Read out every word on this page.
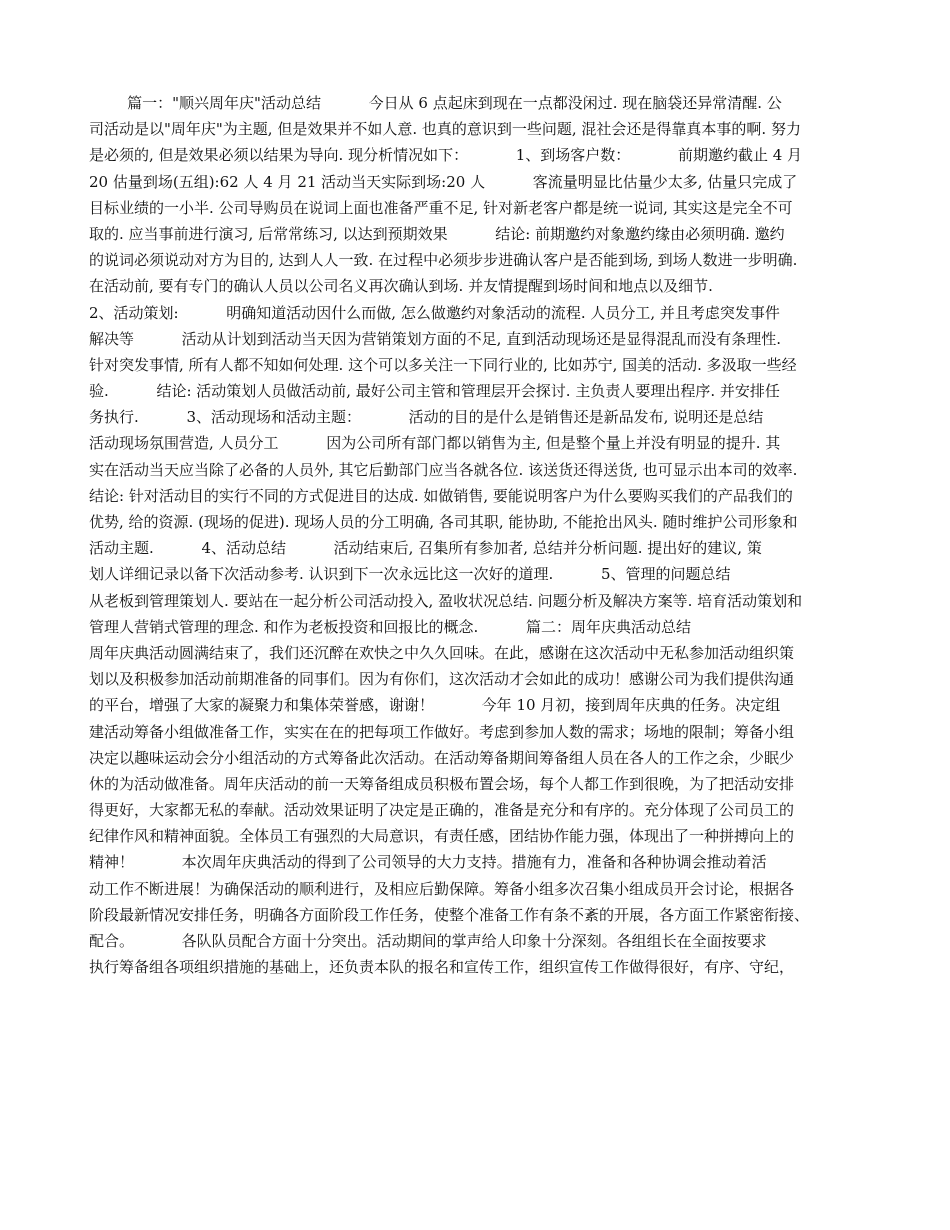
篇一："顺兴周年庆"活动总结          今日从 6 点起床到现在一点都没闲过. 现在脑袋还异常清醒. 公
司活动是以"周年庆"为主题, 但是效果并不如人意. 也真的意识到一些问题, 混社会还是得靠真本事的啊. 努力
是必须的, 但是效果必须以结果为导向. 现分析情况如下：          1、到场客户数：          前期邀约截止 4 月
20 估量到场(五组):62 人 4 月 21 活动当天实际到场:20 人          客流量明显比估量少太多, 估量只完成了
目标业绩的一小半. 公司导购员在说词上面也准备严重不足, 针对新老客户都是统一说词, 其实这是完全不可
取的. 应当事前进行演习, 后常常练习, 以达到预期效果          结论: 前期邀约对象邀约缘由必须明确. 邀约
的说词必须说动对方为目的, 达到人人一致. 在过程中必须步步进确认客户是否能到场, 到场人数进一步明确.
在活动前, 要有专门的确认人员以公司名义再次确认到场. 并友情提醒到场时间和地点以及细节.
2、活动策划:          明确知道活动因什么而做, 怎么做邀约对象活动的流程. 人员分工, 并且考虑突发事件
解决等          活动从计划到活动当天因为营销策划方面的不足, 直到活动现场还是显得混乱而没有条理性.
针对突发事情, 所有人都不知如何处理. 这个可以多关注一下同行业的, 比如苏宁, 国美的活动. 多汲取一些经
验.          结论: 活动策划人员做活动前, 最好公司主管和管理层开会探讨. 主负责人要理出程序. 并安排任
务执行.          3、活动现场和活动主题：          活动的目的是什么是销售还是新品发布, 说明还是总结
活动现场氛围营造, 人员分工          因为公司所有部门都以销售为主, 但是整个量上并没有明显的提升. 其
实在活动当天应当除了必备的人员外, 其它后勤部门应当各就各位. 该送货还得送货, 也可显示出本司的效率.
结论: 针对活动目的实行不同的方式促进目的达成. 如做销售, 要能说明客户为什么要购买我们的产品我们的
优势, 给的资源. (现场的促进). 现场人员的分工明确, 各司其职, 能协助, 不能抢出风头. 随时维护公司形象和
活动主题.          4、活动总结          活动结束后, 召集所有参加者, 总结并分析问题. 提出好的建议, 策
划人详细记录以备下次活动参考. 认识到下一次永远比这一次好的道理.          5、管理的问题总结
从老板到管理策划人. 要站在一起分析公司活动投入, 盈收状况总结. 问题分析及解决方案等. 培育活动策划和
管理人营销式管理的理念. 和作为老板投资和回报比的概念.          篇二：周年庆典活动总结
周年庆典活动圆满结束了，我们还沉醉在欢快之中久久回味。在此，感谢在这次活动中无私参加活动组织策
划以及积极参加活动前期准备的同事们。因为有你们，这次活动才会如此的成功！感谢公司为我们提供沟通
的平台，增强了大家的凝聚力和集体荣誉感，谢谢！          今年 10 月初，接到周年庆典的任务。决定组
建活动筹备小组做准备工作，实实在在的把每项工作做好。考虑到参加人数的需求；场地的限制；筹备小组
决定以趣味运动会分小组活动的方式筹备此次活动。在活动筹备期间筹备组人员在各人的工作之余，少眠少
休的为活动做准备。周年庆活动的前一天筹备组成员积极布置会场，每个人都工作到很晚，为了把活动安排
得更好，大家都无私的奉献。活动效果证明了决定是正确的，准备是充分和有序的。充分体现了公司员工的
纪律作风和精神面貌。全体员工有强烈的大局意识，有责任感，团结协作能力强，体现出了一种拼搏向上的
精神！          本次周年庆典活动的得到了公司领导的大力支持。措施有力，准备和各种协调会推动着活
动工作不断进展！为确保活动的顺利进行，及相应后勤保障。筹备小组多次召集小组成员开会讨论，根据各
阶段最新情况安排任务，明确各方面阶段工作任务，使整个准备工作有条不紊的开展，各方面工作紧密衔接、
配合。          各队队员配合方面十分突出。活动期间的掌声给人印象十分深刻。各组组长在全面按要求
执行筹备组各项组织措施的基础上，还负责本队的报名和宣传工作，组织宣传工作做得很好，有序、守纪，
